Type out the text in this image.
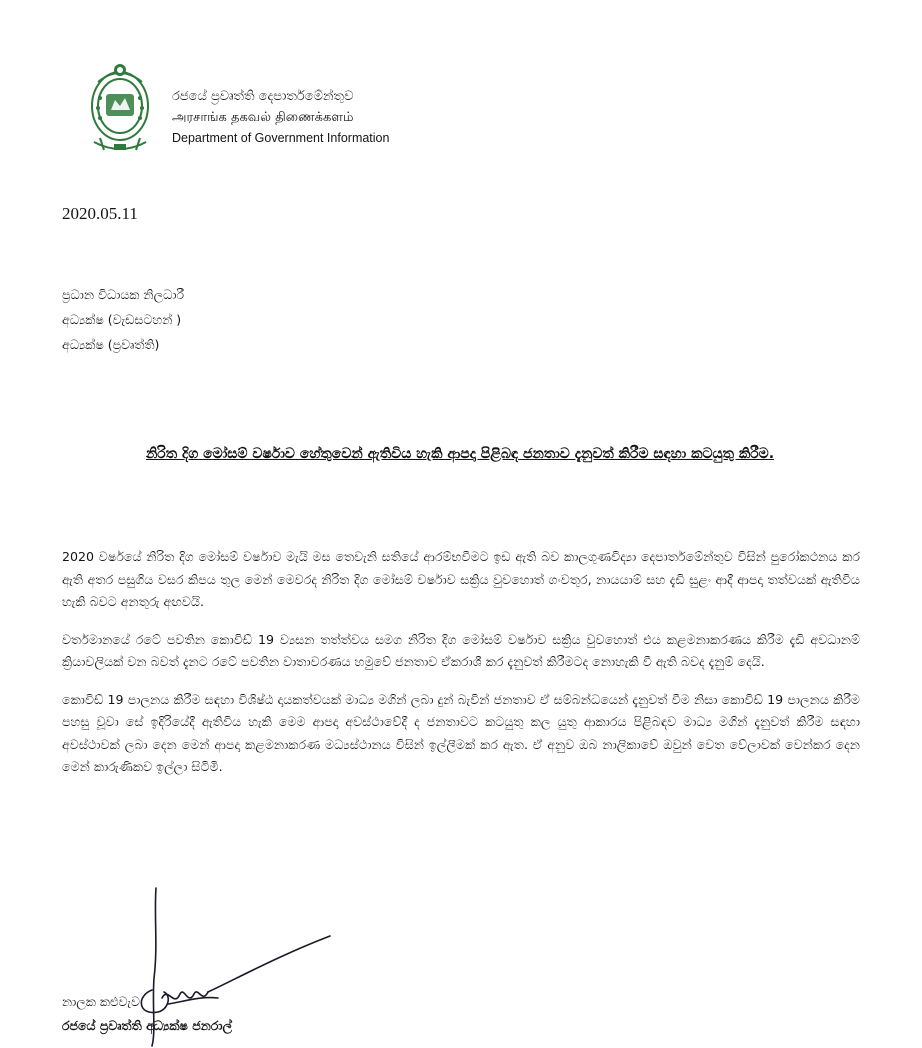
රජයේ ප්‍රවෘත්ති දෙපාර්තමේන්තුව
அரசாங்க தகவல் திணைக்களம்
Department of Government Information
2020.05.11
ප්‍රධාන විධායක නිලධාරී
අධ්‍යක්ෂ (වැඩසටහන් )
අධ්‍යක්ෂ (ප්‍රවෘත්ති)
නිරිත දිග මෝසම් වර්ෂාව හේතුවෙන් ඇතිවිය හැකි ආපදා පිළිබඳ ජනතාව දැනුවත් කිරීම සඳහා කටයුතු කිරීම.

2020 වර්ෂයේ නිරිත දිග මෝසම් වර්ෂාව මැයි මස තෙවැනි සතියේ ආරම්භවීමට ඉඩ ඇති බව කාලගුණවිද්‍යා දෙපාර්තමේන්තුව විසින් පුරෝකථනය කර ඇති අතර පසුගිය වසර කිපය තුල මෙන් මෙවරද නිරිත දිග මෝසම් වර්ෂාව සක්‍රිය වුවහොත් ගංවතුර, නායයාම් සහ දැඩි සුළං ආදී ආපදා තත්වයක් ඇතිවිය හැකි බවට අනතුරු අඟවයි.

වර්තමානයේ රටේ පවතින කොවිඩ් 19 ව්‍යසන තත්ත්වය සමග නිරිත දිග මෝසම් වර්ෂාව සක්‍රිය වුවහොත් එය කළමනාකරණය කිරීම දැඩි අවධානම් ක්‍රියාවලියක් වන බවත් දැනට රටේ පවතින වාතාවරණය හමුවේ ජනතාව ඒකරාශී කර දැනුවත් කිරීමටද නොහැකි වී ඇති බවද දැනුම් දෙයි.

කොවිඩ් 19 පාලනය කිරීම සඳහා විශිෂ්ඨ දායකත්වයක් මාධ්‍ය මගින් ලබා දුන් බැවින් ජනතාව ඒ සම්බන්ධයෙන් දැනුවත් වීම නිසා කොවිඩ් 19 පාලනය කිරීම පහසු වූවා සේ ඉදිරියේදී ඇතිවිය හැකි මෙම ආපදා අවස්ථාවේදී ද ජනතාවට කටයුතු කල යුතු ආකාරය පිළිබඳව මාධ්‍ය මගින් දැනුවත් කිරීම සඳහා අවස්ථාවක් ලබා දෙන මෙන් ආපදා කළමනාකරණ මධ්‍යස්ථානය විසින් ඉල්ලීමක් කර ඇත. ඒ අනුව ඔබ නාලිකාවේ ඔවුන් වෙත වේලාවක් වෙන්කර දෙන මෙන් කාරුණිකව ඉල්ලා සිටිමි.

නාලක කළුවැව
රජයේ ප්‍රවෘත්ති අධ්‍යක්ෂ ජනරාල්
